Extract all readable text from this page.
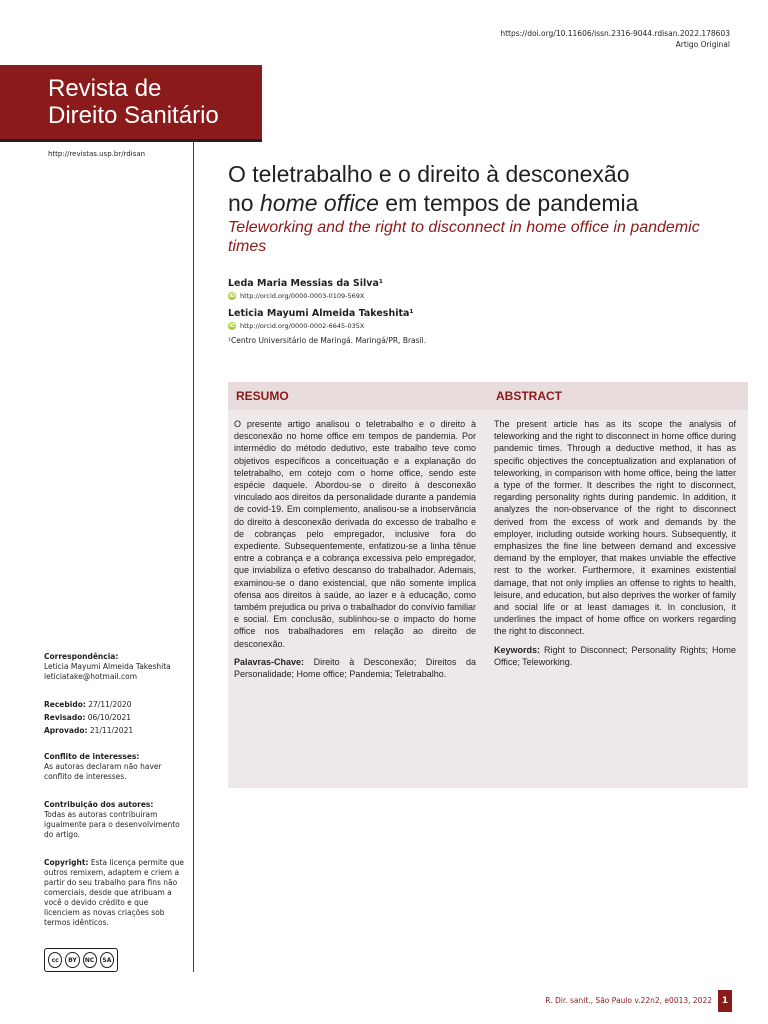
https://doi.org/10.11606/issn.2316-9044.rdisan.2022.178603
Artigo Original
Revista de
Direito Sanitário
http://revistas.usp.br/rdisan
O teletrabalho e o direito à desconexão
no home office em tempos de pandemia
Teleworking and the right to disconnect in home office in pandemic times
Leda Maria Messias da Silva¹
iD http://orcid.org/0000-0003-0109-569X
Leticia Mayumi Almeida Takeshita¹
iD http://orcid.org/0000-0002-6645-035X
¹Centro Universitário de Maringá. Maringá/PR, Brasil.
RESUMO
O presente artigo analisou o teletrabalho e o direito à desconexão no home office em tempos de pandemia. Por intermédio do método dedutivo, este trabalho teve como objetivos específicos a conceituação e a explanação do teletrabalho, em cotejo com o home office, sendo este espécie daquele. Abordou-se o direito à desconexão vinculado aos direitos da personalidade durante a pandemia de covid-19. Em complemento, analisou-se a inobservância do direito à desconexão derivada do excesso de trabalho e de cobranças pelo empregador, inclusive fora do expediente. Subsequentemente, enfatizou-se a linha tênue entre a cobrança e a cobrança excessiva pelo empregador, que inviabiliza o efetivo descanso do trabalhador. Ademais, examinou-se o dano existencial, que não somente implica ofensa aos direitos à saúde, ao lazer e à educação, como também prejudica ou priva o trabalhador do convívio familiar e social. Em conclusão, sublinhou-se o impacto do home office nos trabalhadores em relação ao direito de desconexão.
Palavras-Chave: Direito à Desconexão; Direitos da Personalidade; Home office; Pandemia; Teletrabalho.
ABSTRACT
The present article has as its scope the analysis of teleworking and the right to disconnect in home office during pandemic times. Through a deductive method, it has as specific objectives the conceptualization and explanation of teleworking, in comparison with home office, being the latter a type of the former. It describes the right to disconnect, regarding personality rights during pandemic. In addition, it analyzes the non-observance of the right to disconnect derived from the excess of work and demands by the employer, including outside working hours. Subsequently, it emphasizes the fine line between demand and excessive demand by the employer, that makes unviable the effective rest to the worker. Furthermore, it examines existential damage, that not only implies an offense to rights to health, leisure, and education, but also deprives the worker of family and social life or at least damages it. In conclusion, it underlines the impact of home office on workers regarding the right to disconnect.
Keywords: Right to Disconnect; Personality Rights; Home Office; Teleworking.
Correspondência:
Leticia Mayumi Almeida Takeshita
leticiatake@hotmail.com
Recebido: 27/11/2020
Revisado: 06/10/2021
Aprovado: 21/11/2021
Conflito de interesses:
As autoras declaram não haver conflito de interesses.
Contribuição dos autores:
Todas as autoras contribuíram igualmente para o desenvolvimento do artigo.
Copyright: Esta licença permite que outros remixem, adaptem e criem a partir do seu trabalho para fins não comerciais, desde que atribuam a você o devido crédito e que licenciem as novas criações sob termos idênticos.
cc	BY	NC	SA
R. Dir. sanit., São Paulo v.22n2, e0013, 2022	1
